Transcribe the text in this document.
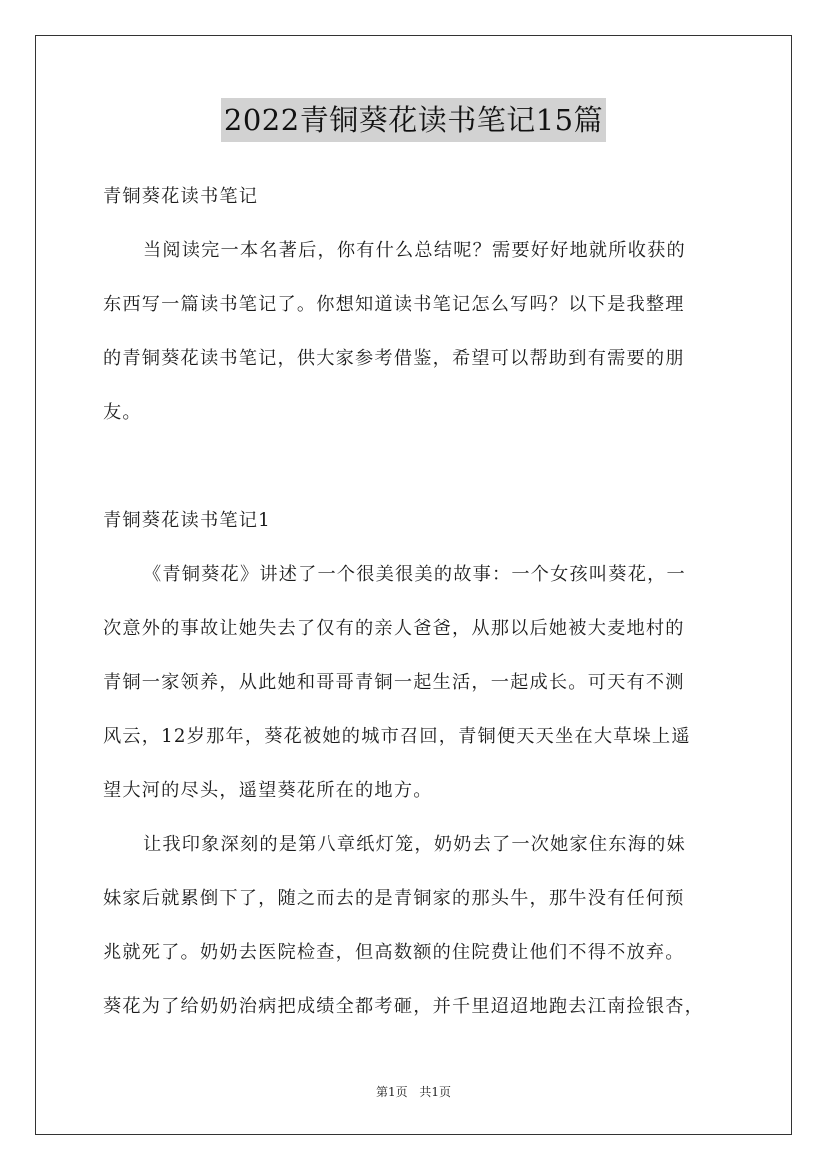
2022青铜葵花读书笔记15篇
青铜葵花读书笔记
当阅读完一本名著后，你有什么总结呢？需要好好地就所收获的
东西写一篇读书笔记了。你想知道读书笔记怎么写吗？以下是我整理
的青铜葵花读书笔记，供大家参考借鉴，希望可以帮助到有需要的朋
友。
青铜葵花读书笔记1
《青铜葵花》讲述了一个很美很美的故事：一个女孩叫葵花，一
次意外的事故让她失去了仅有的亲人爸爸，从那以后她被大麦地村的
青铜一家领养，从此她和哥哥青铜一起生活，一起成长。可天有不测
风云，12岁那年，葵花被她的城市召回，青铜便天天坐在大草垛上遥
望大河的尽头，遥望葵花所在的地方。
让我印象深刻的是第八章纸灯笼，奶奶去了一次她家住东海的妹
妹家后就累倒下了，随之而去的是青铜家的那头牛，那牛没有任何预
兆就死了。奶奶去医院检查，但高数额的住院费让他们不得不放弃。
葵花为了给奶奶治病把成绩全都考砸，并千里迢迢地跑去江南捡银杏，
第1页 共1页
